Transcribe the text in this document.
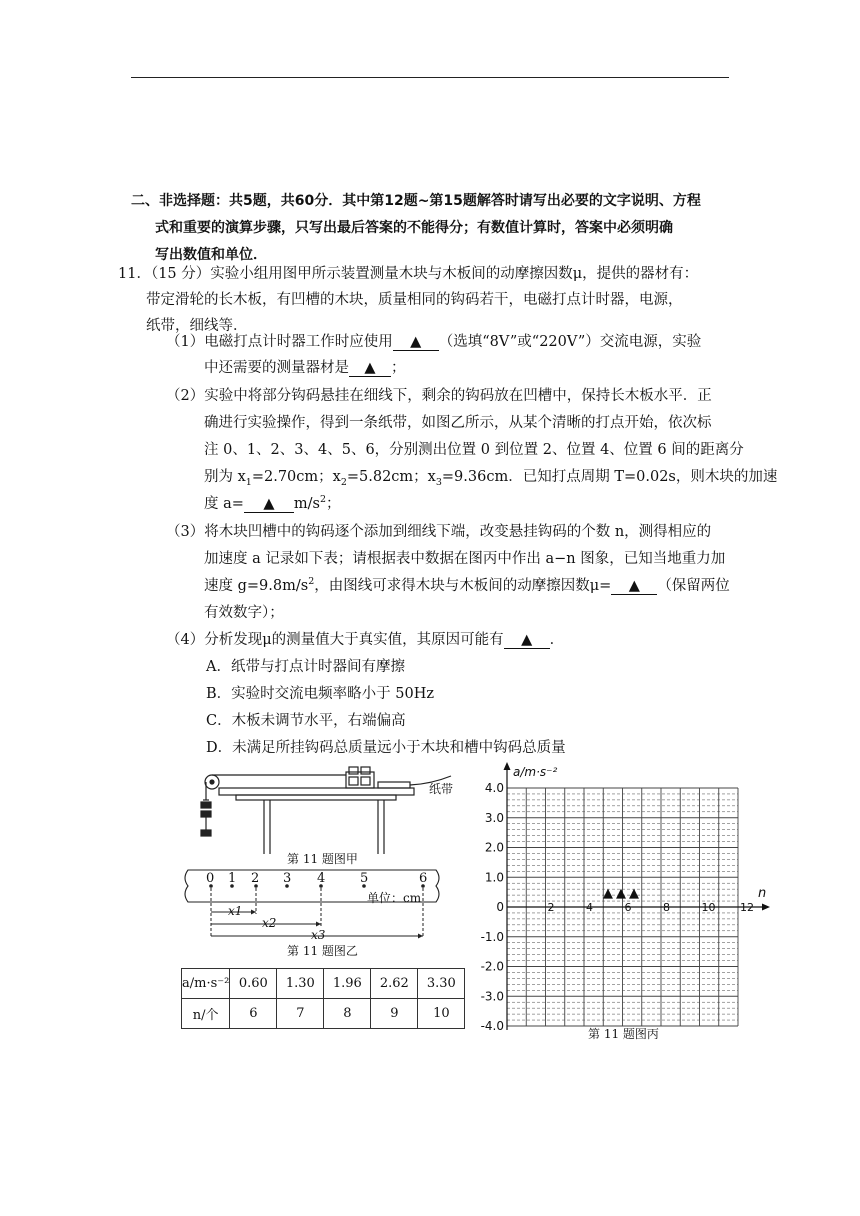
二、非选择题：共5题，共60分．其中第12题~第15题解答时请写出必要的文字说明、方程
式和重要的演算步骤，只写出最后答案的不能得分；有数值计算时，答案中必须明确
写出数值和单位．
11．（15 分）实验小组用图甲所示装置测量木块与木板间的动摩擦因数μ，提供的器材有：
带定滑轮的长木板，有凹槽的木块，质量相同的钩码若干，电磁打点计时器，电源，
纸带，细线等．
（1）电磁打点计时器工作时应使用 ▲ （选填“8V”或“220V”）交流电源，实验
中还需要的测量器材是 ▲ ；
（2）实验中将部分钩码悬挂在细线下，剩余的钩码放在凹槽中，保持长木板水平．正
确进行实验操作，得到一条纸带，如图乙所示，从某个清晰的打点开始，依次标
注 0、1、2、3、4、5、6，分别测出位置 0 到位置 2、位置 4、位置 6 间的距离分
别为 $x_1=2.70cm$；$x_2=5.82cm$；$x_3=9.36cm$．已知打点周期 T=0.02s，则木块的加速
度 a= ▲ $m/s^2$；
（3）将木块凹槽中的钩码逐个添加到细线下端，改变悬挂钩码的个数 n，测得相应的
加速度 a 记录如下表；请根据表中数据在图丙中作出 a−n 图象，已知当地重力加
速度 $g=9.8m/s^2$，由图线可求得木块与木板间的动摩擦因数μ= ▲ （保留两位
有效数字）；
（4）分析发现μ的测量值大于真实值，其原因可能有 ▲ ．
A．纸带与打点计时器间有摩擦
B．实验时交流电频率略小于 50Hz
C．木板未调节水平，右端偏高
D．未满足所挂钩码总质量远小于木块和槽中钩码总质量
纸带
第 11 题图甲
0 1 2 3 4	5	6
单位：cm
x1
x2
x3
第 11 题图乙
a/m·s⁻²	0.60	1.30	1.96	2.62	3.30
n/个	6	7	8	9	10
4.0
3.0
2.0
1.0
0
-1.0
-2.0
-3.0
-4.0
2	4	6	8	10 12
a/m·s⁻²
n
▲ ▲ ▲
第 11 题图丙
